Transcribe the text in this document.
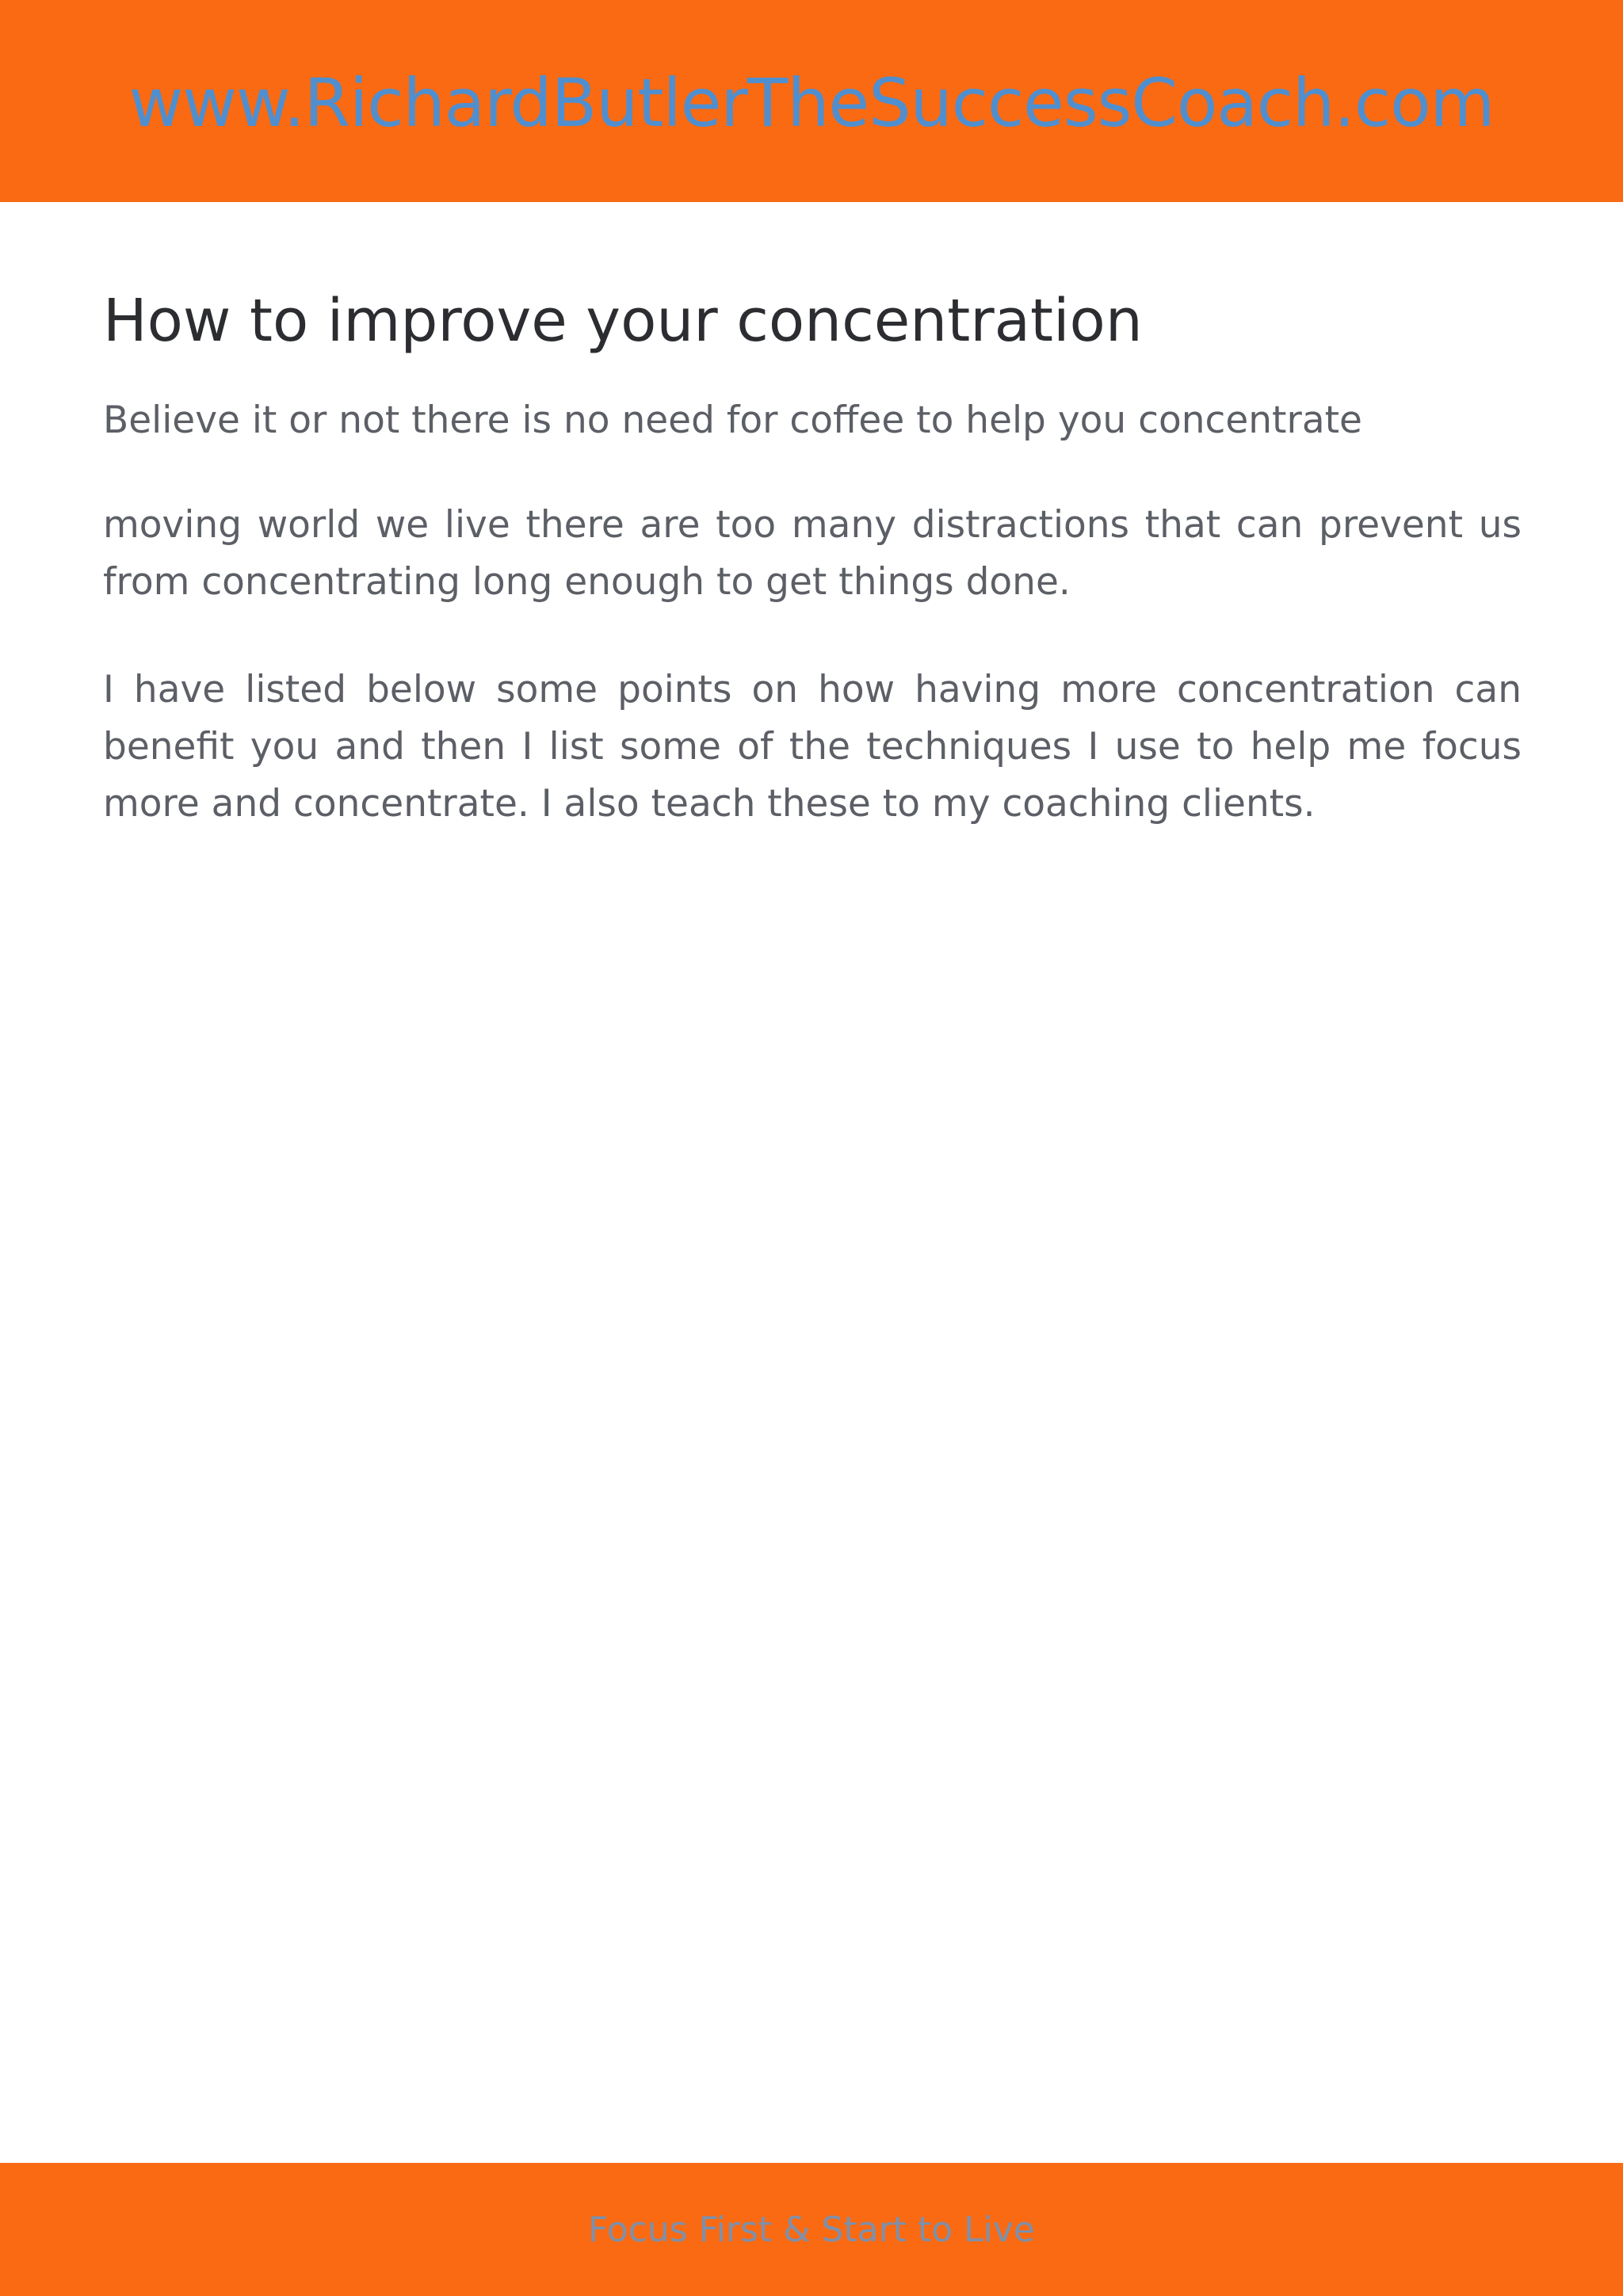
www.RichardButlerTheSuccessCoach.com
How to improve your concentration

Believe it or not there is no need for coffee to help you concentrate

moving world we live there are too many distractions that can prevent us from concentrating long enough to get things done.

I have listed below some points on how having more concentration can benefit you and then I list some of the techniques I use to help me focus more and concentrate. I also teach these to my coaching clients.

Focus First & Start to Live
